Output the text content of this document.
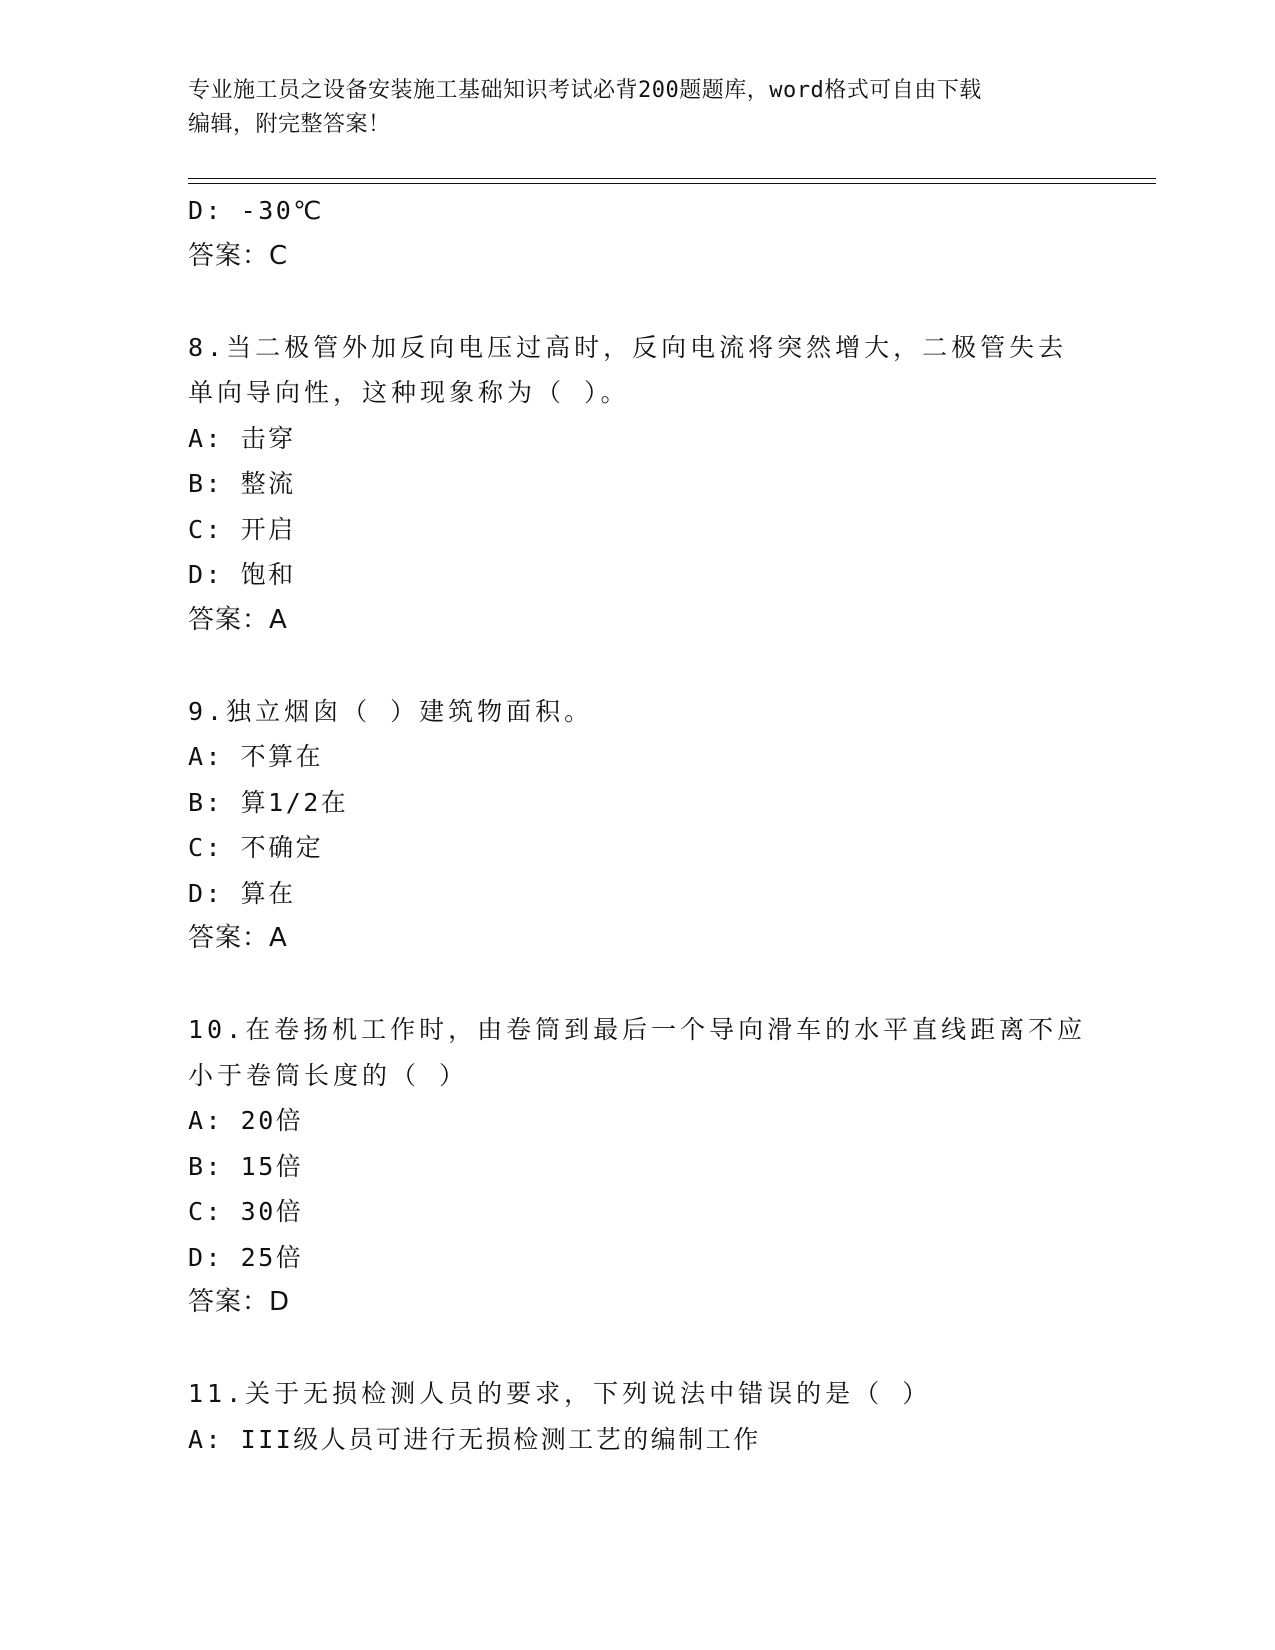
专业施工员之设备安装施工基础知识考试必背200题题库，word格式可自由下载
编辑，附完整答案！
D: -30℃
答案：C
8.当二极管外加反向电压过高时，反向电流将突然增大，二极管失去
单向导向性，这种现象称为（ ）。
A: 击穿
B: 整流
C: 开启
D: 饱和
答案：A
9.独立烟囱（ ）建筑物面积。
A: 不算在
B: 算1/2在
C: 不确定
D: 算在
答案：A
10.在卷扬机工作时，由卷筒到最后一个导向滑车的水平直线距离不应
小于卷筒长度的（ ）
A: 20倍
B: 15倍
C: 30倍
D: 25倍
答案：D
11.关于无损检测人员的要求，下列说法中错误的是（ ）
A: III级人员可进行无损检测工艺的编制工作
